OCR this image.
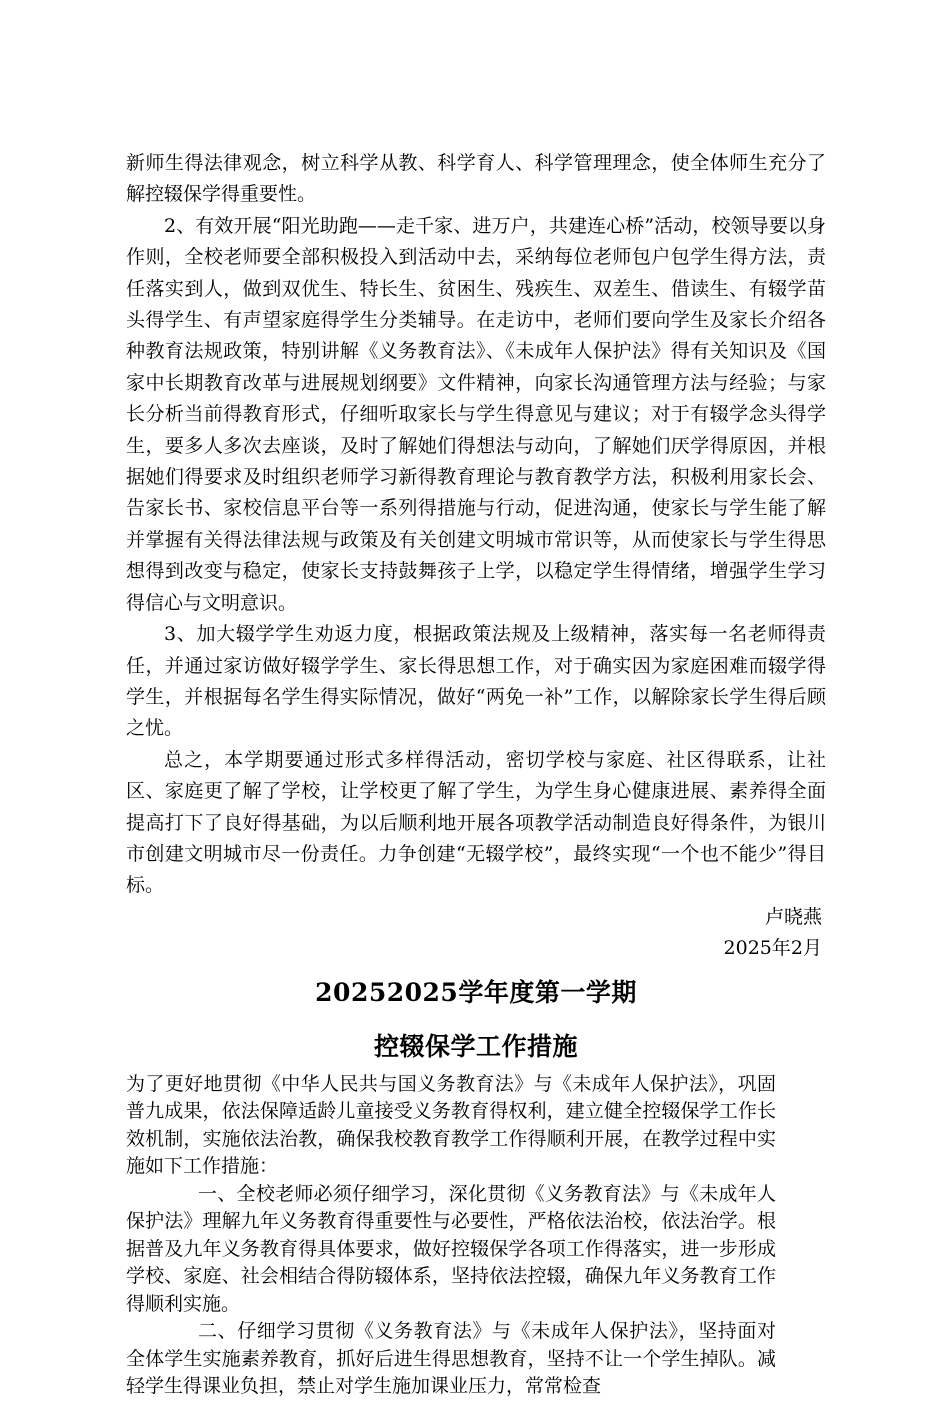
新师生得法律观念，树立科学从教、科学育人、科学管理理念，使全体师生充分了解控辍保学得重要性。

2、有效开展“阳光助跑——走千家、进万户，共建连心桥”活动，校领导要以身作则，全校老师要全部积极投入到活动中去，采纳每位老师包户包学生得方法，责任落实到人，做到双优生、特长生、贫困生、残疾生、双差生、借读生、有辍学苗头得学生、有声望家庭得学生分类辅导。在走访中，老师们要向学生及家长介绍各种教育法规政策，特别讲解《义务教育法》、《未成年人保护法》得有关知识及《国家中长期教育改革与进展规划纲要》文件精神，向家长沟通管理方法与经验；与家长分析当前得教育形式，仔细听取家长与学生得意见与建议；对于有辍学念头得学生，要多人多次去座谈，及时了解她们得想法与动向，了解她们厌学得原因，并根据她们得要求及时组织老师学习新得教育理论与教育教学方法，积极利用家长会、告家长书、家校信息平台等一系列得措施与行动，促进沟通，使家长与学生能了解并掌握有关得法律法规与政策及有关创建文明城市常识等，从而使家长与学生得思想得到改变与稳定，使家长支持鼓舞孩子上学，以稳定学生得情绪，增强学生学习得信心与文明意识。

3、加大辍学学生劝返力度，根据政策法规及上级精神，落实每一名老师得责任，并通过家访做好辍学学生、家长得思想工作，对于确实因为家庭困难而辍学得学生，并根据每名学生得实际情况，做好“两免一补”工作，以解除家长学生得后顾之忧。

总之，本学期要通过形式多样得活动，密切学校与家庭、社区得联系，让社区、家庭更了解了学校，让学校更了解了学生，为学生身心健康进展、素养得全面提高打下了良好得基础，为以后顺利地开展各项教学活动制造良好得条件，为银川市创建文明城市尽一份责任。力争创建“无辍学校”，最终实现“一个也不能少”得目标。

卢晓燕

2025年2月

20252025学年度第一学期
控辍保学工作措施

为了更好地贯彻《中华人民共与国义务教育法》与《未成年人保护法》，巩固普九成果，依法保障适龄儿童接受义务教育得权利，建立健全控辍保学工作长效机制，实施依法治教，确保我校教育教学工作得顺利开展，在教学过程中实施如下工作措施：

一、全校老师必须仔细学习，深化贯彻《义务教育法》与《未成年人保护法》理解九年义务教育得重要性与必要性，严格依法治校，依法治学。根据普及九年义务教育得具体要求，做好控辍保学各项工作得落实，进一步形成学校、家庭、社会相结合得防辍体系，坚持依法控辍，确保九年义务教育工作得顺利实施。

二、仔细学习贯彻《义务教育法》与《未成年人保护法》，坚持面对全体学生实施素养教育，抓好后进生得思想教育，坚持不让一个学生掉队。减轻学生得课业负担，禁止对学生施加课业压力，常常检查
